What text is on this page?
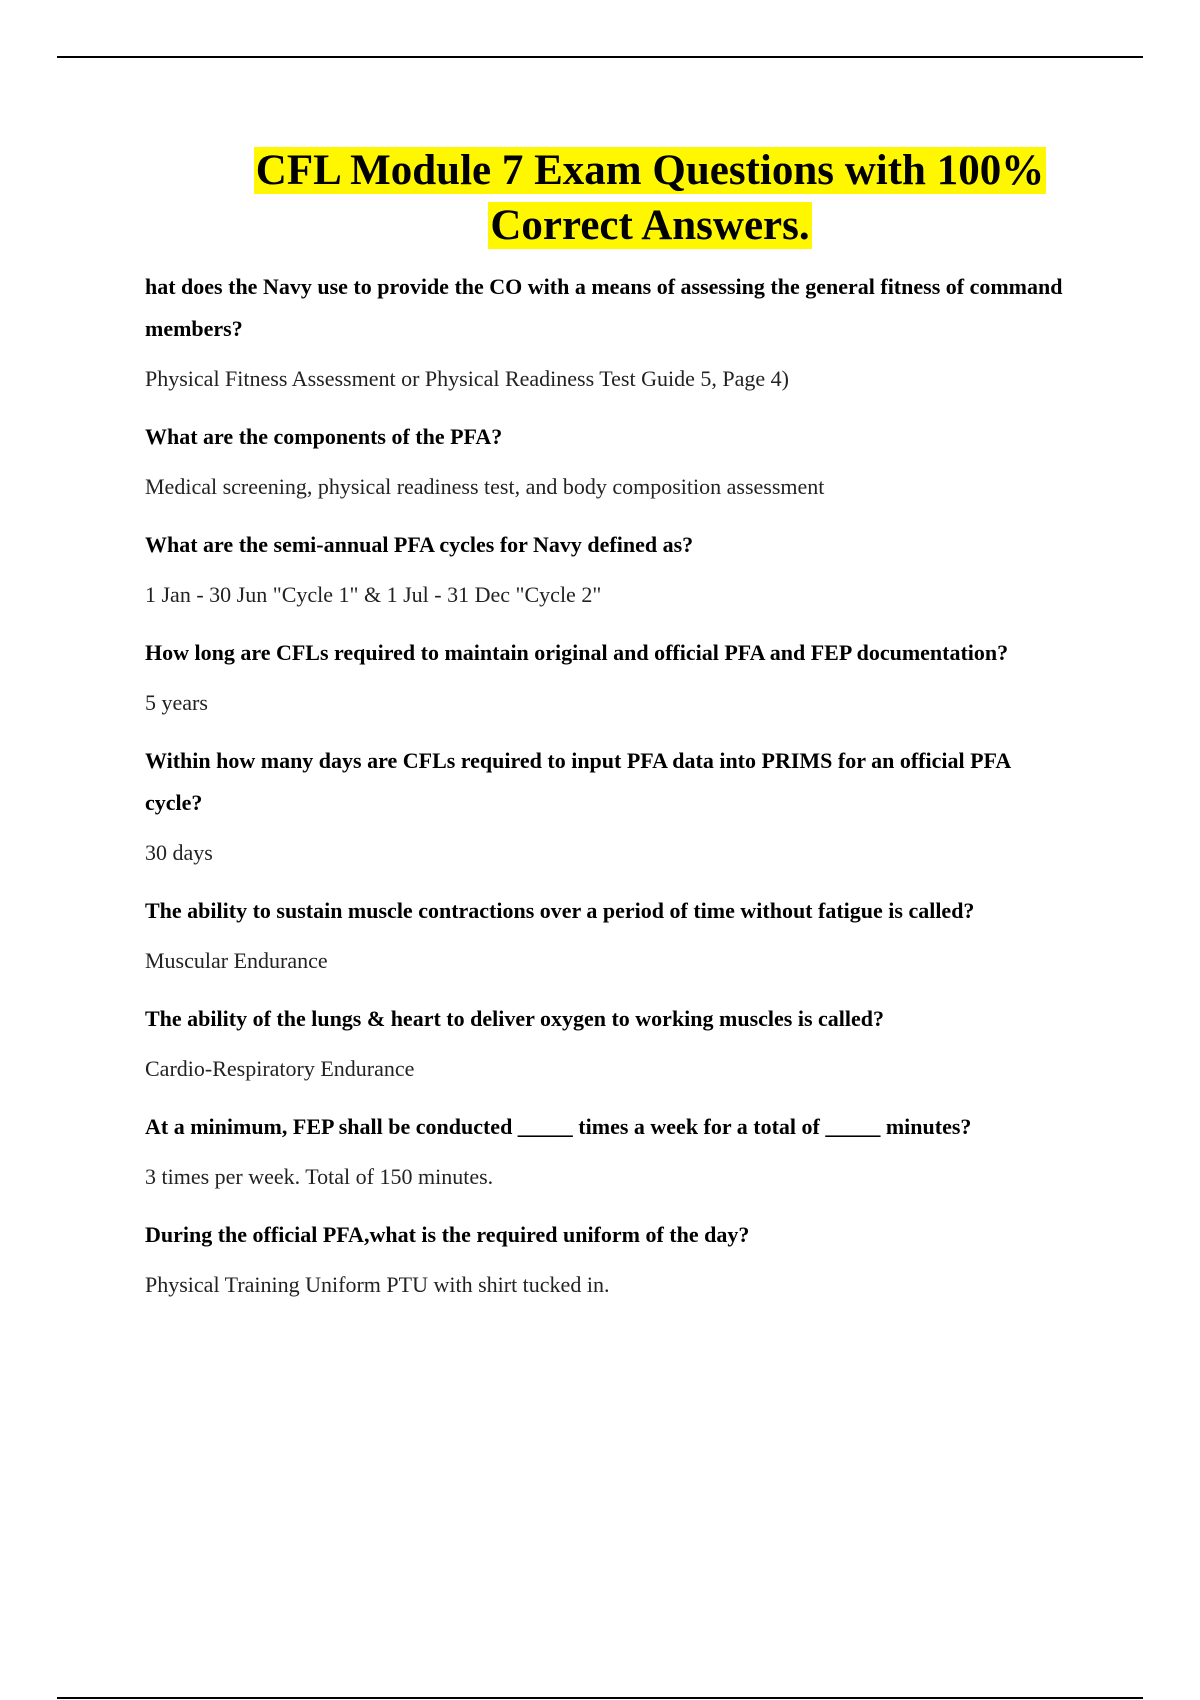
CFL Module 7 Exam Questions with 100%
Correct Answers.

hat does the Navy use to provide the CO with a means of assessing the general fitness of command members?

Physical Fitness Assessment or Physical Readiness Test Guide 5, Page 4)

What are the components of the PFA?

Medical screening, physical readiness test, and body composition assessment

What are the semi-annual PFA cycles for Navy defined as?

1 Jan - 30 Jun "Cycle 1" & 1 Jul - 31 Dec "Cycle 2"

How long are CFLs required to maintain original and official PFA and FEP documentation?

5 years

Within how many days are CFLs required to input PFA data into PRIMS for an official PFA cycle?

30 days

The ability to sustain muscle contractions over a period of time without fatigue is called?

Muscular Endurance

The ability of the lungs & heart to deliver oxygen to working muscles is called?

Cardio-Respiratory Endurance

At a minimum, FEP shall be conducted _____ times a week for a total of _____ minutes?

3 times per week. Total of 150 minutes.

During the official PFA,what is the required uniform of the day?

Physical Training Uniform PTU with shirt tucked in.
